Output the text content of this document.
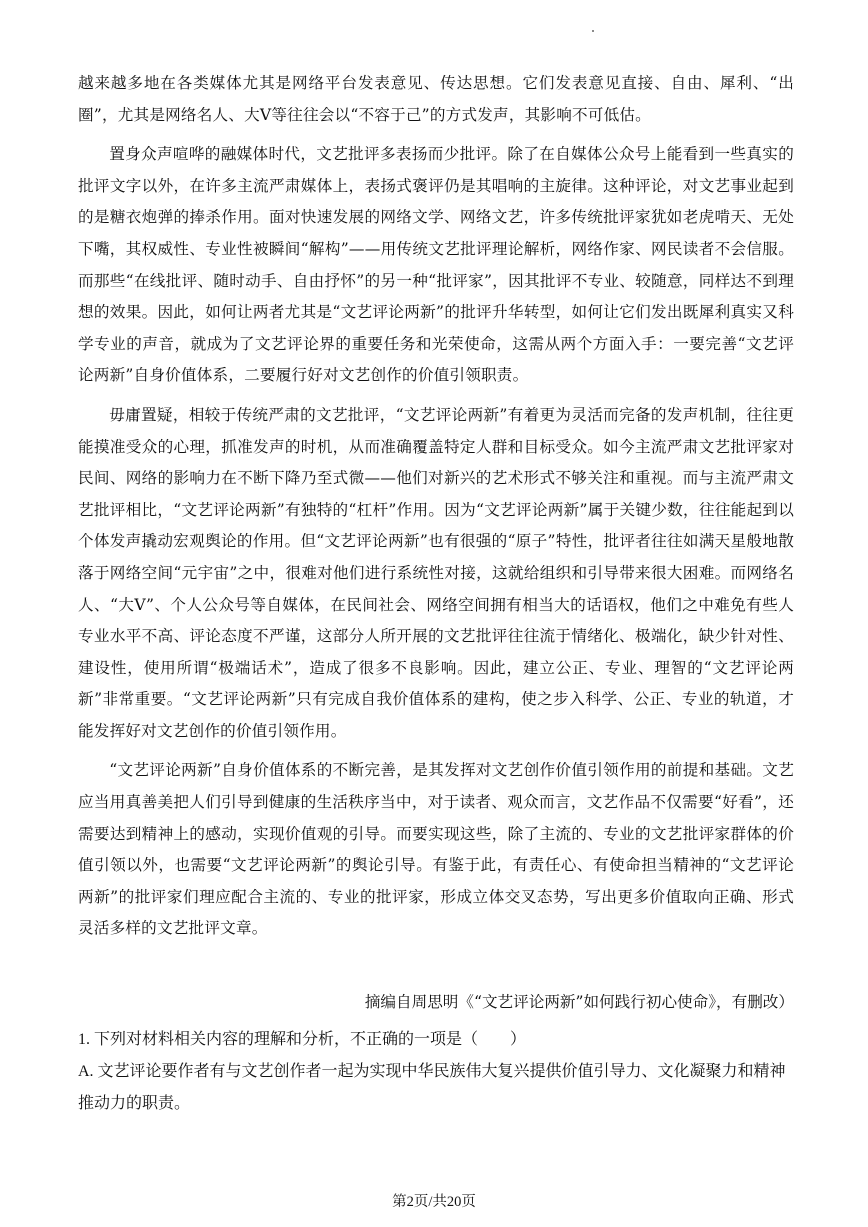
越来越多地在各类媒体尤其是网络平台发表意见、传达思想。它们发表意见直接、自由、犀利、“出圈”，尤其是网络名人、大Ⅴ等往往会以“不容于己”的方式发声，其影响不可低估。

置身众声喧哗的融媒体时代，文艺批评多表扬而少批评。除了在自媒体公众号上能看到一些真实的批评文字以外，在许多主流严肃媒体上，表扬式褒评仍是其唱响的主旋律。这种评论，对文艺事业起到的是糖衣炮弹的捧杀作用。面对快速发展的网络文学、网络文艺，许多传统批评家犹如老虎啃天、无处下嘴，其权威性、专业性被瞬间“解构”——用传统文艺批评理论解析，网络作家、网民读者不会信服。而那些“在线批评、随时动手、自由抒怀”的另一种“批评家”，因其批评不专业、较随意，同样达不到理想的效果。因此，如何让两者尤其是“文艺评论两新”的批评升华转型，如何让它们发出既犀利真实又科学专业的声音，就成为了文艺评论界的重要任务和光荣使命，这需从两个方面入手：一要完善“文艺评论两新”自身价值体系，二要履行好对文艺创作的价值引领职责。

毋庸置疑，相较于传统严肃的文艺批评，“文艺评论两新”有着更为灵活而完备的发声机制，往往更能摸准受众的心理，抓准发声的时机，从而准确覆盖特定人群和目标受众。如今主流严肃文艺批评家对民间、网络的影响力在不断下降乃至式微——他们对新兴的艺术形式不够关注和重视。而与主流严肃文艺批评相比，“文艺评论两新”有独特的“杠杆”作用。因为“文艺评论两新”属于关键少数，往往能起到以个体发声撬动宏观舆论的作用。但“文艺评论两新”也有很强的“原子”特性，批评者往往如满天星般地散落于网络空间“元宇宙”之中，很难对他们进行系统性对接，这就给组织和引导带来很大困难。而网络名人、“大Ⅴ”、个人公众号等自媒体，在民间社会、网络空间拥有相当大的话语权，他们之中难免有些人专业水平不高、评论态度不严谨，这部分人所开展的文艺批评往往流于情绪化、极端化，缺少针对性、建设性，使用所谓“极端话术”，造成了很多不良影响。因此，建立公正、专业、理智的“文艺评论两新”非常重要。“文艺评论两新”只有完成自我价值体系的建构，使之步入科学、公正、专业的轨道，才能发挥好对文艺创作的价值引领作用。

“文艺评论两新”自身价值体系的不断完善，是其发挥对文艺创作价值引领作用的前提和基础。文艺应当用真善美把人们引导到健康的生活秩序当中，对于读者、观众而言，文艺作品不仅需要“好看”，还需要达到精神上的感动，实现价值观的引导。而要实现这些，除了主流的、专业的文艺批评家群体的价值引领以外，也需要“文艺评论两新”的舆论引导。有鉴于此，有责任心、有使命担当精神的“文艺评论两新”的批评家们理应配合主流的、专业的批评家，形成立体交叉态势，写出更多价值取向正确、形式灵活多样的文艺批评文章。

摘编自周思明《“文艺评论两新”如何践行初心使命》，有删改）
1. 下列对材料相关内容的理解和分析，不正确的一项是（　　）
A. 文艺评论要作者有与文艺创作者一起为实现中华民族伟大复兴提供价值引导力、文化凝聚力和精神推动力的职责。
第2页/共20页
